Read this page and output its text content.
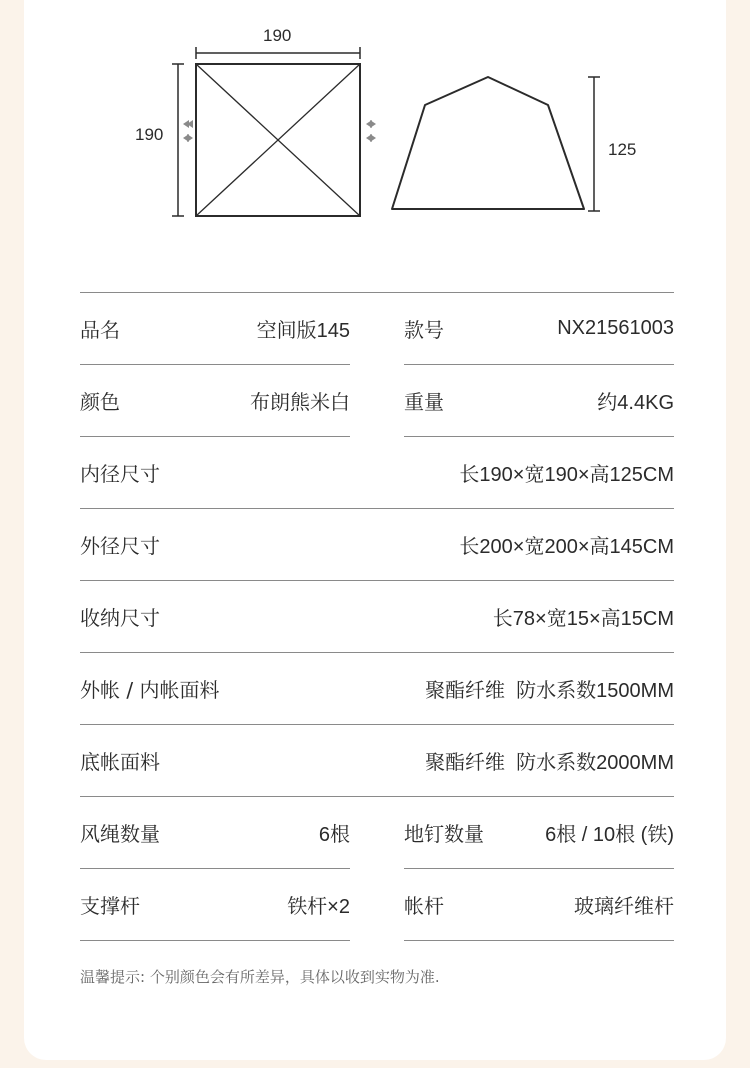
190
190
125
品名	空间版145	款号	NX21561003
颜色	布朗熊米白	重量	约4.4KG
内径尺寸	长190×宽190×高125CM
外径尺寸	长200×宽200×高145CM
收纳尺寸	长78×宽15×高15CM
外帐 / 内帐面料	聚酯纤维  防水系数1500MM
底帐面料	聚酯纤维  防水系数2000MM
风绳数量	6根	地钉数量	6根 / 10根 (铁)
支撑杆	铁杆×2	帐杆	玻璃纤维杆
温馨提示: 个别颜色会有所差异，具体以收到实物为准.
